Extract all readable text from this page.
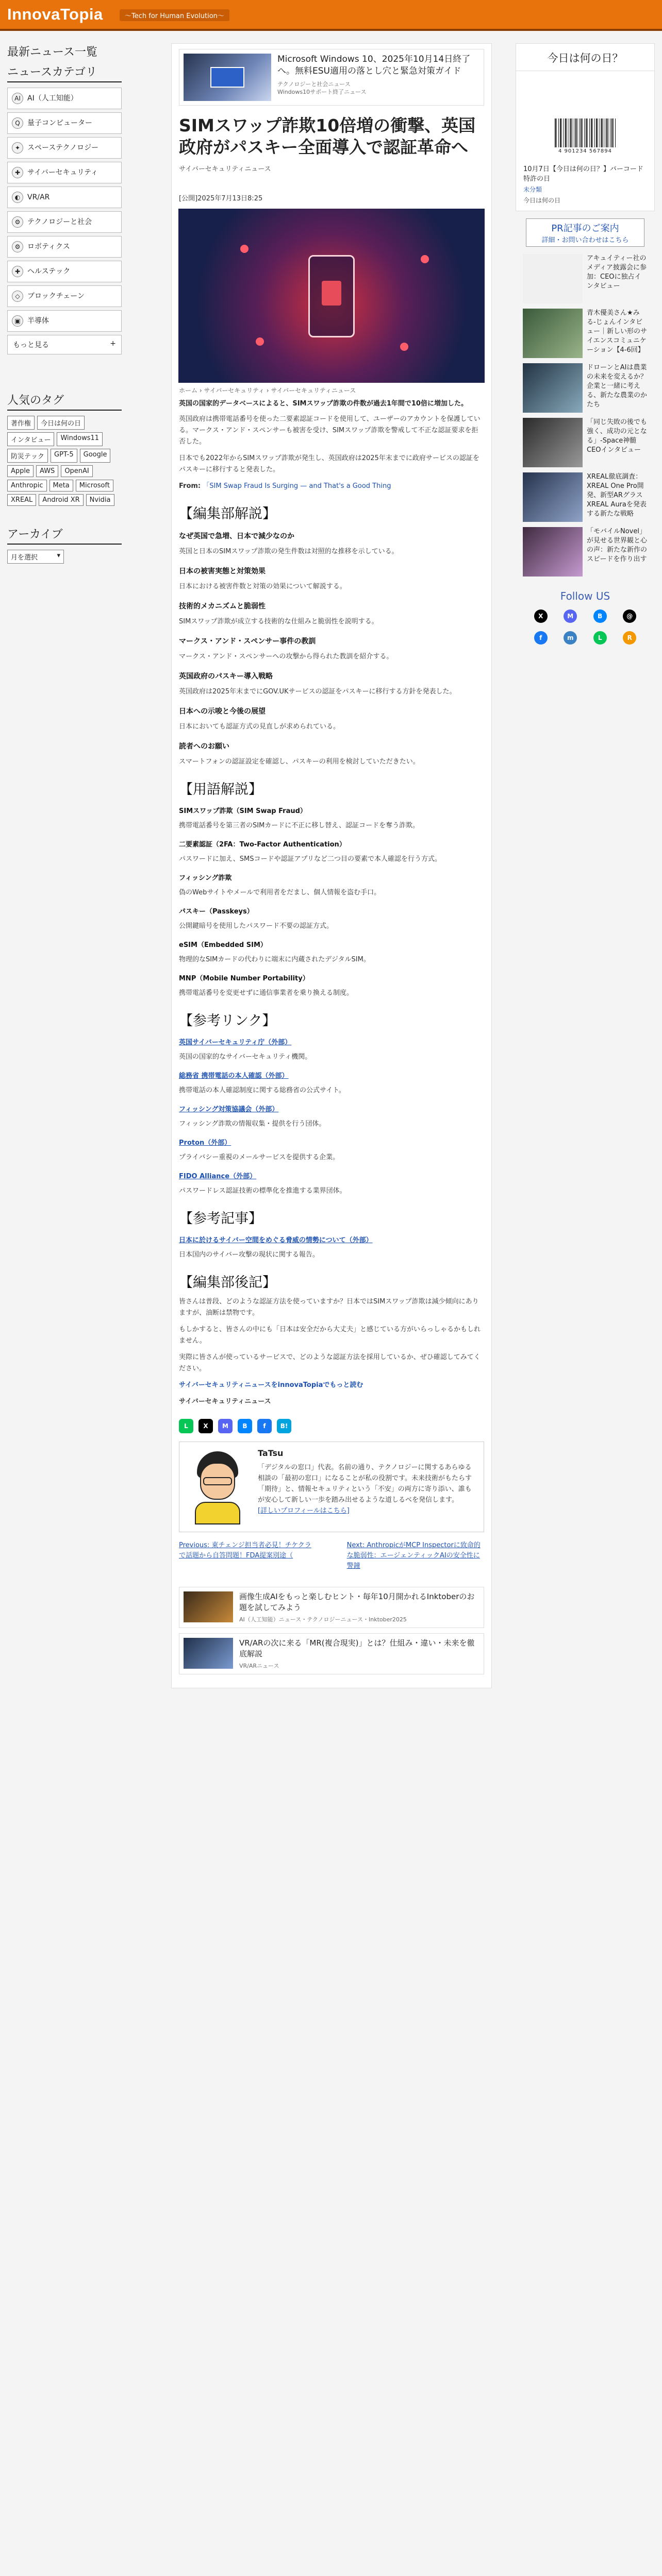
InnovaTopia	～Tech for Human Evolution～
最新ニュース一覧
ニュースカテゴリ
AI AI（人工知能）
Q	量子コンピューター
✦ スペーステクノロジー
✚ サイバーセキュリティ
◐ VR/AR
⚙ テクノロジーと社会
⚙ ロボティクス
✚ ヘルステック
◇	ブロックチェーン
▣ 半導体
もっと見る	+
人気のタグ
著作権	今日は何の日
インタビュー	Windows11
防災テック	GPT-5	Google
Apple	AWS	OpenAI
Anthropic	Meta	Microsoft
XREAL	Android XR	Nvidia
アーカイブ
月を選択	▾
Microsoft Windows 10、2025年10月14日終了へ。無料ESU適用の落とし穴と緊急対策ガイド
テクノロジーと社会ニュース
Windows10サポート終了ニュース
SIMスワップ詐欺10倍増の衝撃、英国政府がパスキー全面導入で認証革命へ
サイバーセキュリティニュース
[公開]2025年7月13日8:25
ホーム › サイバーセキュリティ › サイバーセキュリティニュース
英国の国家的データベースによると、SIMスワップ詐欺の件数が過去1年間で10倍に増加した。
英国政府は携帯電話番号を使った二要素認証コードを使用して、ユーザーのアカウントを保護している。マークス・アンド・スペンサーも被害を受け、SIMスワップ詐欺を警戒して不正な認証要求を拒否した。
日本でも2022年からSIMスワップ詐欺が発生し、英国政府は2025年末までに政府サービスの認証をパスキーに移行すると発表した。
From: 「SIM Swap Fraud Is Surging — and That's a Good Thing
【編集部解説】
なぜ英国で急増、日本で減少なのか
英国と日本のSIMスワップ詐欺の発生件数は対照的な推移を示している。
日本の被害実態と対策効果
日本における被害件数と対策の効果について解説する。
技術的メカニズムと脆弱性
SIMスワップ詐欺が成立する技術的な仕組みと脆弱性を説明する。
マークス・アンド・スペンサー事件の教訓
マークス・アンド・スペンサーへの攻撃から得られた教訓を紹介する。
英国政府のパスキー導入戦略
英国政府は2025年末までにGOV.UKサービスの認証をパスキーに移行する方針を発表した。
日本への示唆と今後の展望
日本においても認証方式の見直しが求められている。
読者へのお願い
スマートフォンの認証設定を確認し、パスキーの利用を検討していただきたい。
【用語解説】
SIMスワップ詐欺（SIM Swap Fraud）
携帯電話番号を第三者のSIMカードに不正に移し替え、認証コードを奪う詐欺。
二要素認証（2FA：Two-Factor Authentication）
パスワードに加え、SMSコードや認証アプリなど二つ目の要素で本人確認を行う方式。
フィッシング詐欺
偽のWebサイトやメールで利用者をだまし、個人情報を盗む手口。
パスキー（Passkeys）
公開鍵暗号を使用したパスワード不要の認証方式。
eSIM（Embedded SIM）
物理的なSIMカードの代わりに端末に内蔵されたデジタルSIM。
MNP（Mobile Number Portability）
携帯電話番号を変更せずに通信事業者を乗り換える制度。
【参考リンク】
英国サイバーセキュリティ庁（外部）
英国の国家的なサイバーセキュリティ機関。
総務省 携帯電話の本人確認（外部）
携帯電話の本人確認制度に関する総務省の公式サイト。
フィッシング対策協議会（外部）
フィッシング詐欺の情報収集・提供を行う団体。
Proton（外部）
プライバシー重視のメールサービスを提供する企業。
FIDO Alliance（外部）
パスワードレス認証技術の標準化を推進する業界団体。
【参考記事】
日本に於けるサイバー空間をめぐる脅威の情勢について（外部）
日本国内のサイバー攻撃の現状に関する報告。
【編集部後記】
皆さんは普段、どのような認証方法を使っていますか？日本ではSIMスワップ詐欺は減少傾向にありますが、油断は禁物です。
もしかすると、皆さんの中にも「日本は安全だから大丈夫」と感じている方がいらっしゃるかもしれません。
実際に皆さんが使っているサービスで、どのような認証方法を採用しているか、ぜひ確認してみてください。
サイバーセキュリティニュースをinnovaTopiaでもっと読む
サイバーセキュリティニュース
L	X	M	B	f	B!
TaTsu
「デジタルの窓口」代表。名前の通り、テクノロジーに関するあらゆる相談の「最初の窓口」になることが私の役割です。未来技術がもたらす「期待」と、情報セキュリティという「不安」の両方に寄り添い、誰もが安心して新しい一歩を踏み出せるような道しるべを発信します。
[詳しいプロフィールはこちら]
Previous: 東チェンジ担当者必見！チケクラで話題から自答問題！FDA提案別途（
Next: AnthropicがMCP Inspectorに致命的な脆弱性：エージェンティックAIの安全性に警鐘
画像生成AIをもっと楽しむヒント・毎年10月開かれるInktoberのお題を試してみよう
AI（人工知能）ニュース・テクノロジーニュース・Inktober2025
VR/ARの次に来る「MR(複合現実)」とは？仕組み・違い・未来を徹底解説
VR/ARニュース
今日は何の日？
4 901234 567894
10月7日【今日は何の日？】バーコード特許の日
未分類
今日は何の日
PR記事のご案内
詳細・お問い合わせはこちら
アキュイティー社のメディア披露会に参加：CEOに独占インタビュー
青木優美さん★みる-じょんインタビュー｜新しい形のサイエンスコミュニケーション【4-6回】
ドローンとAIは農業の未来を変えるか？企業と一緒に考える、新たな農業のかたち
「同じ失敗の後でも強く、成功の元となる」-Space神髄CEOインタビュー
XREAL徹底調査：XREAL One Pro開発、新型ARグラスXREAL Auraを発表する新たな戦略
「モバイルNovel」が見せる世界観と心の声：新たな新作のスピードを作り出す
Follow US
X	M	B	@
f	m	L	R
